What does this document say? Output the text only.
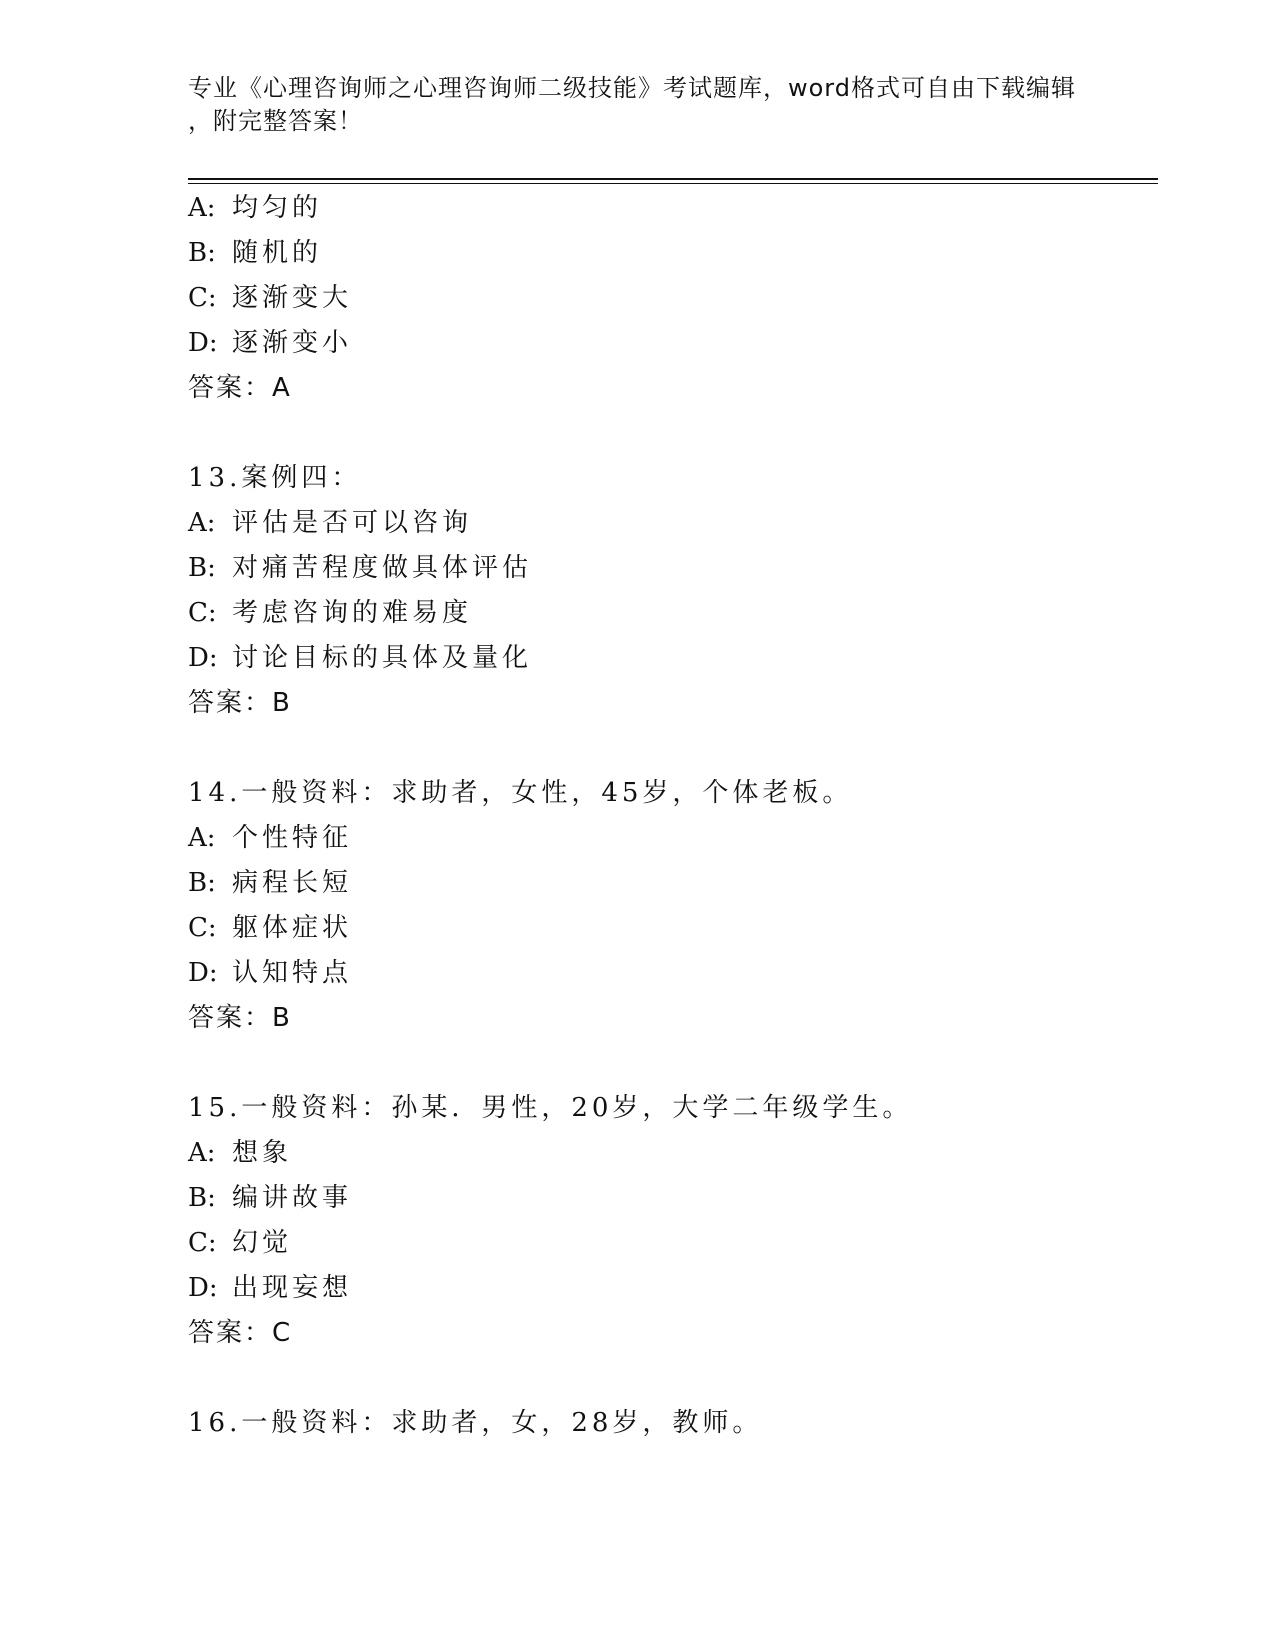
专业《心理咨询师之心理咨询师二级技能》考试题库，word格式可自由下载编辑
，附完整答案！
A: 均匀的
B: 随机的
C: 逐渐变大
D: 逐渐变小
答案：A
13.案例四：
A: 评估是否可以咨询
B: 对痛苦程度做具体评估
C: 考虑咨询的难易度
D: 讨论目标的具体及量化
答案：B
14.一般资料：求助者，女性，45岁，个体老板。
A: 个性特征
B: 病程长短
C: 躯体症状
D: 认知特点
答案：B
15.一般资料：孙某．男性，20岁，大学二年级学生。
A: 想象
B: 编讲故事
C: 幻觉
D: 出现妄想
答案：C
16.一般资料：求助者，女，28岁，教师。
